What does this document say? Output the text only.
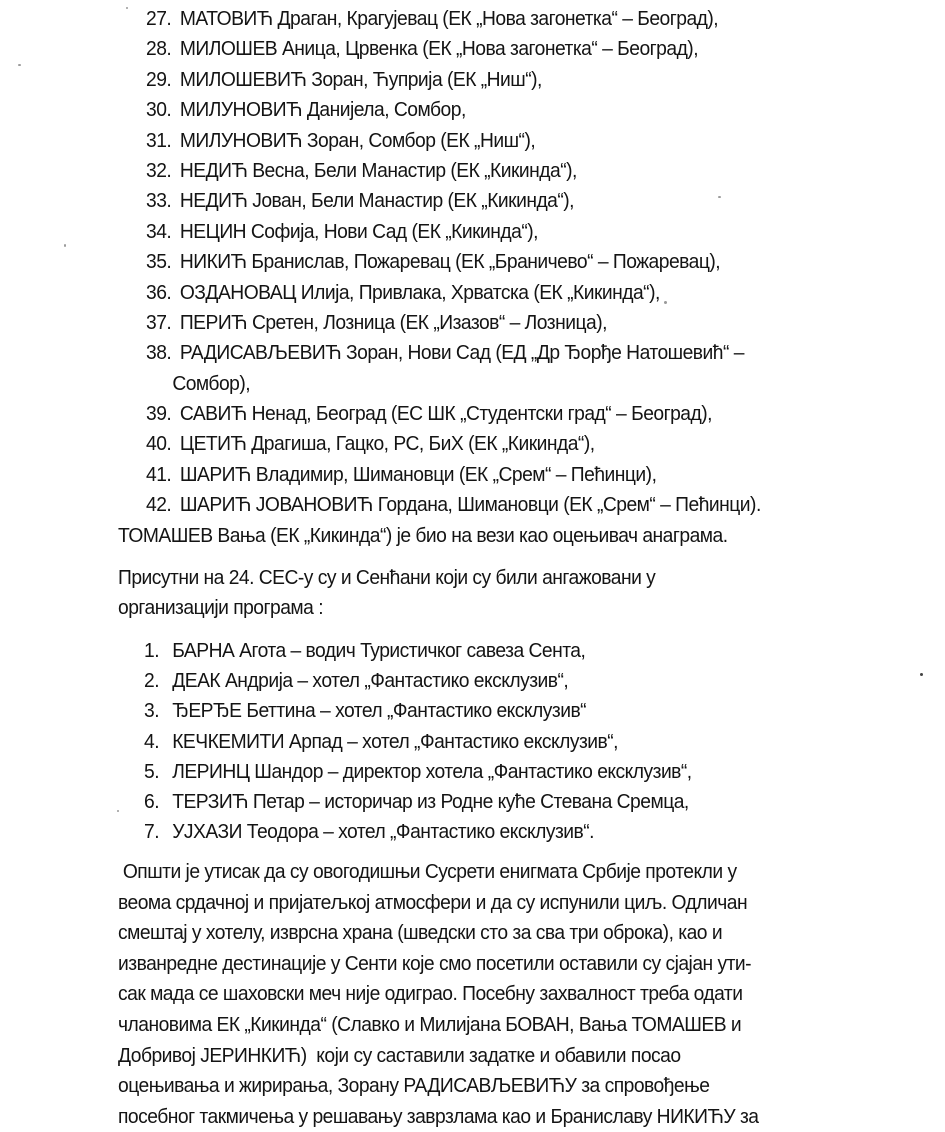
27. МАТОВИЋ Драган, Крагујевац (ЕК „Нова загонетка“ – Београд),
28. МИЛОШЕВ Аница, Црвенка (ЕК „Нова загонетка“ – Београд),
29. МИЛОШЕВИЋ Зоран, Ћуприја (ЕК „Ниш“),
30. МИЛУНОВИЋ Данијела, Сомбор,
31. МИЛУНОВИЋ Зоран, Сомбор (ЕК „Ниш“),
32. НЕДИЋ Весна, Бели Манастир (ЕК „Кикинда“),
33. НЕДИЋ Јован, Бели Манастир (ЕК „Кикинда“),
34. НЕЦИН Софија, Нови Сад (ЕК „Кикинда“),
35. НИКИЋ Бранислав, Пожаревац (ЕК „Браничево“ – Пожаревац),
36. ОЗДАНОВАЦ Илија, Привлака, Хрватска (ЕК „Кикинда“),
37. ПЕРИЋ Сретен, Лозница (ЕК „Изазов“ – Лозница),
38. РАДИСАВЉЕВИЋ Зоран, Нови Сад (ЕД „Др Ђорђе Натошевић“ –
Сомбор),
39. САВИЋ Ненад, Београд (ЕС ШК „Студентски град“ – Београд),
40. ЦЕТИЋ Драгиша, Гацко, РС, БиХ (ЕК „Кикинда“),
41. ШАРИЋ Владимир, Шимановци (ЕК „Срем“ – Пећинци),
42. ШАРИЋ ЈОВАНОВИЋ Гордана, Шимановци (ЕК „Срем“ – Пећинци).
ТОМАШЕВ Вања (ЕК „Кикинда“) је био на вези као оцењивач анаграма.
Присутни на 24. СЕС-у су и Сенћани који су били ангажовани у
организацији програма :
1. БАРНА Агота – водич Туристичког савеза Сента,
2. ДЕАК Андрија – хотел „Фантастико ексклузив“,
3. ЂЕРЂЕ Беттина – хотел „Фантастико ексклузив“
4. КЕЧКЕМИТИ Арпад – хотел „Фантастико ексклузив“,
5. ЛЕРИНЦ Шандор – директор хотела „Фантастико ексклузив“,
6. ТЕРЗИЋ Петар – историчар из Родне куће Стевана Сремца,
7. УЈХАЗИ Теодора – хотел „Фантастико ексклузив“.
Општи је утисак да су овогодишњи Сусрети енигмата Србије протекли у
веома срдачној и пријатељкој атмосфери и да су испунили циљ. Одличан
смештај у хотелу, изврсна храна (шведски сто за сва три оброка), као и
изванредне дестинације у Сенти које смо посетили оставили су сјајан ути-
сак мада се шаховски меч није одиграо. Посебну захвалност треба одати
члановима ЕК „Кикинда“ (Славко и Милијана БОВАН, Вања ТОМАШЕВ и
Добривој ЈЕРИНКИЋ)  који су саставили задатке и обавили посао
оцењивања и жирирања, Зорану РАДИСАВЉЕВИЋУ за спровођење
посебног такмичења у решавању заврзлама као и Браниславу НИКИЋУ за
